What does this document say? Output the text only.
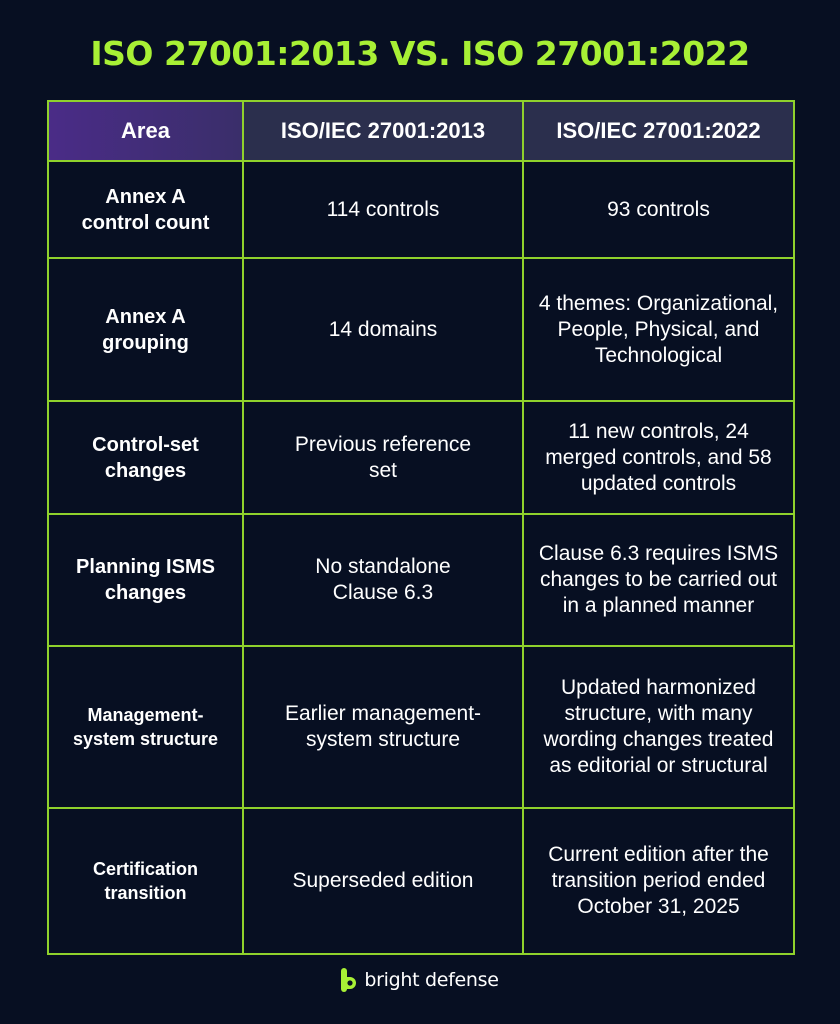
ISO 27001:2013 VS. ISO 27001:2022
Area	ISO/IEC 27001:2013	ISO/IEC 27001:2022
Annex A control count	114 controls	93 controls
Annex A grouping	14 domains	4 themes: Organizational, People, Physical, and Technological
Control-set changes	Previous reference set	11 new controls, 24 merged controls, and 58 updated controls
Planning ISMS changes	No standalone Clause 6.3	Clause 6.3 requires ISMS changes to be carried out in a planned manner
Management-system structure	Earlier management-system structure	Updated harmonized structure, with many wording changes treated as editorial or structural
Certification transition	Superseded edition	Current edition after the transition period ended October 31, 2025
bright defense
